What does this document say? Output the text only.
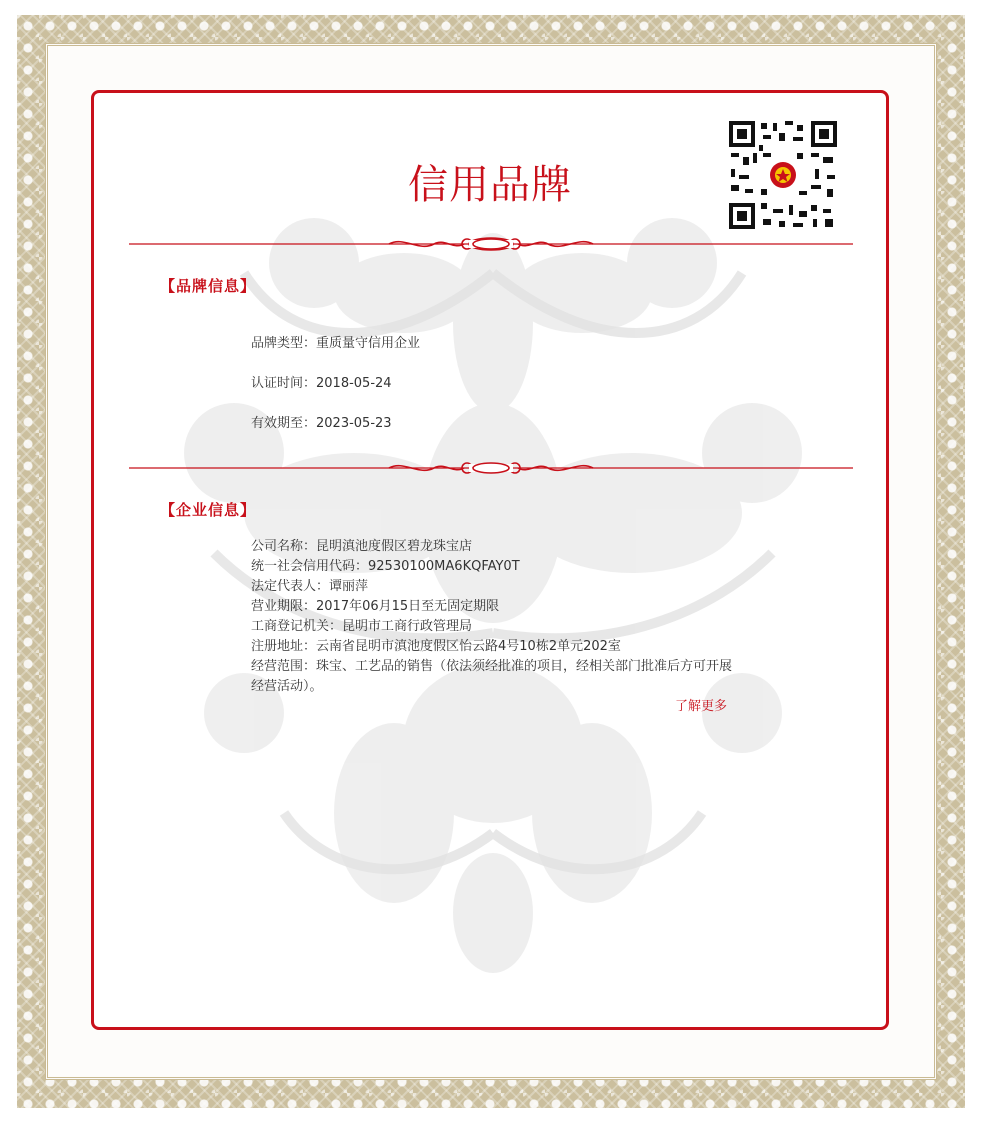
信用品牌
【品牌信息】
品牌类型：重质量守信用企业
认证时间：2018-05-24
有效期至：2023-05-23
【企业信息】
公司名称：昆明滇池度假区碧龙珠宝店
统一社会信用代码：92530100MA6KQFAY0T
法定代表人：谭丽萍
营业期限：2017年06月15日至无固定期限
工商登记机关：昆明市工商行政管理局
注册地址：云南省昆明市滇池度假区怡云路4号10栋2单元202室
经营范围：珠宝、工艺品的销售（依法须经批准的项目，经相关部门批准后方可开展经营活动）。
了解更多
